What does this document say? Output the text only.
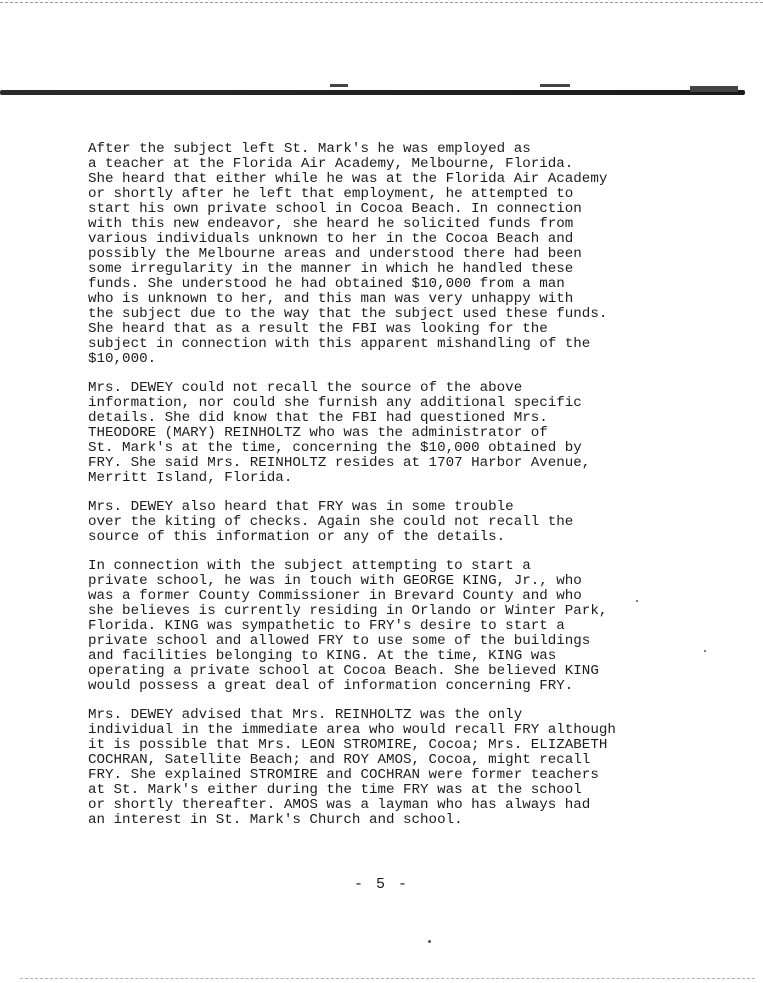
After the subject left St. Mark's he was employed as
a teacher at the Florida Air Academy, Melbourne, Florida.
She heard that either while he was at the Florida Air Academy
or shortly after he left that employment, he attempted to
start his own private school in Cocoa Beach. In connection
with this new endeavor, she heard he solicited funds from
various individuals unknown to her in the Cocoa Beach and
possibly the Melbourne areas and understood there had been
some irregularity in the manner in which he handled these
funds. She understood he had obtained $10,000 from a man
who is unknown to her, and this man was very unhappy with
the subject due to the way that the subject used these funds.
She heard that as a result the FBI was looking for the
subject in connection with this apparent mishandling of the
$10,000.

Mrs. DEWEY could not recall the source of the above
information, nor could she furnish any additional specific
details. She did know that the FBI had questioned Mrs.
THEODORE (MARY) REINHOLTZ who was the administrator of
St. Mark's at the time, concerning the $10,000 obtained by
FRY. She said Mrs. REINHOLTZ resides at 1707 Harbor Avenue,
Merritt Island, Florida.

Mrs. DEWEY also heard that FRY was in some trouble
over the kiting of checks. Again she could not recall the
source of this information or any of the details.

In connection with the subject attempting to start a
private school, he was in touch with GEORGE KING, Jr., who
was a former County Commissioner in Brevard County and who
she believes is currently residing in Orlando or Winter Park,
Florida. KING was sympathetic to FRY's desire to start a
private school and allowed FRY to use some of the buildings
and facilities belonging to KING. At the time, KING was
operating a private school at Cocoa Beach. She believed KING
would possess a great deal of information concerning FRY.

Mrs. DEWEY advised that Mrs. REINHOLTZ was the only
individual in the immediate area who would recall FRY although
it is possible that Mrs. LEON STROMIRE, Cocoa; Mrs. ELIZABETH
COCHRAN, Satellite Beach; and ROY AMOS, Cocoa, might recall
FRY. She explained STROMIRE and COCHRAN were former teachers
at St. Mark's either during the time FRY was at the school
or shortly thereafter. AMOS was a layman who has always had
an interest in St. Mark's Church and school.

- 5 -
